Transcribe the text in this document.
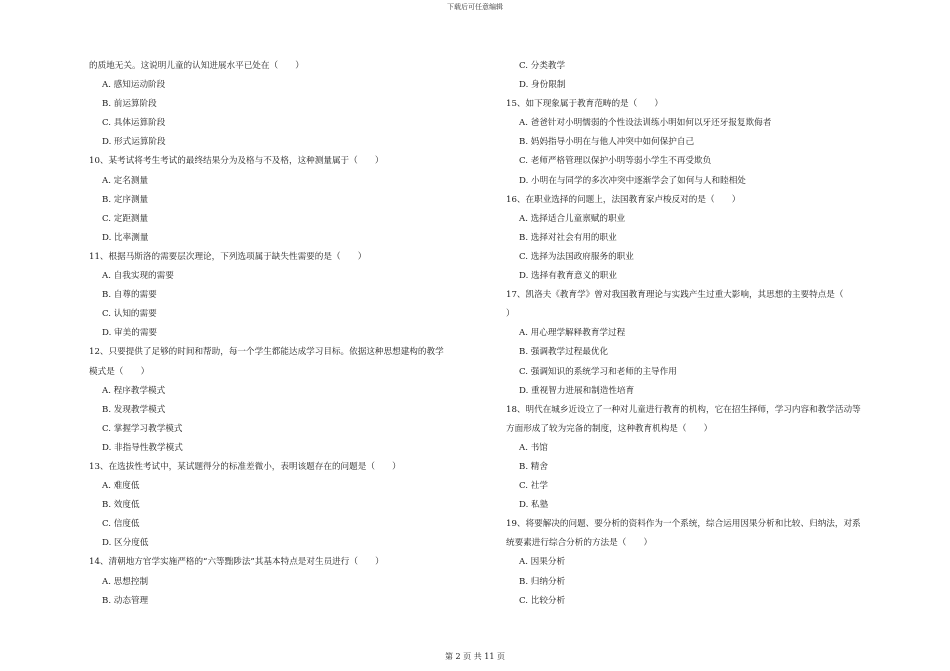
下载后可任意编辑
的质地无关。这说明儿童的认知进展水平已处在（　　）
A. 感知运动阶段
B. 前运算阶段
C. 具体运算阶段
D. 形式运算阶段
10、某考试将考生考试的最终结果分为及格与不及格，这种测量属于（　　）
A. 定名测量
B. 定序测量
C. 定距测量
D. 比率测量
11、根据马斯洛的需要层次理论，下列选项属于缺失性需要的是（　　）
A. 自我实现的需要
B. 自尊的需要
C. 认知的需要
D. 审美的需要
12、只要提供了足够的时间和帮助，每一个学生都能达成学习目标。依据这种思想建构的教学
模式是（　　）
A. 程序教学模式
B. 发现教学模式
C. 掌握学习教学模式
D. 非指导性教学模式
13、在选拔性考试中，某试题得分的标准差微小，表明该题存在的问题是（　　）
A. 难度低
B. 效度低
C. 信度低
D. 区分度低
14、清朝地方官学实施严格的“六等黜陟法”其基本特点是对生员进行（　　）
A. 思想控制
B. 动态管理
C. 分类教学
D. 身份限制
15、如下现象属于教育范畴的是（　　）
A. 爸爸针对小明懦弱的个性设法训练小明如何以牙还牙报复欺侮者
B. 妈妈指导小明在与他人冲突中如何保护自己
C. 老师严格管理以保护小明等弱小学生不再受欺负
D. 小明在与同学的多次冲突中逐渐学会了如何与人和睦相处
16、在职业选择的问题上，法国教育家卢梭反对的是（　　）
A. 选择适合儿童禀赋的职业
B. 选择对社会有用的职业
C. 选择为法国政府服务的职业
D. 选择有教育意义的职业
17、凯洛夫《教育学》曾对我国教育理论与实践产生过重大影响，其思想的主要特点是（
）
A. 用心理学解释教育学过程
B. 强调教学过程最优化
C. 强调知识的系统学习和老师的主导作用
D. 重视智力进展和制造性培育
18、明代在城乡近设立了一种对儿童进行教育的机构，它在招生择师，学习内容和教学活动等
方面形成了较为完备的制度，这种教育机构是（　　）
A. 书馆
B. 精舍
C. 社学
D. 私塾
19、将要解决的问题、要分析的资料作为一个系统，综合运用因果分析和比较、归纳法，对系
统要素进行综合分析的方法是（　　）
A. 因果分析
B. 归纳分析
C. 比较分析
第 2 页 共 11 页
